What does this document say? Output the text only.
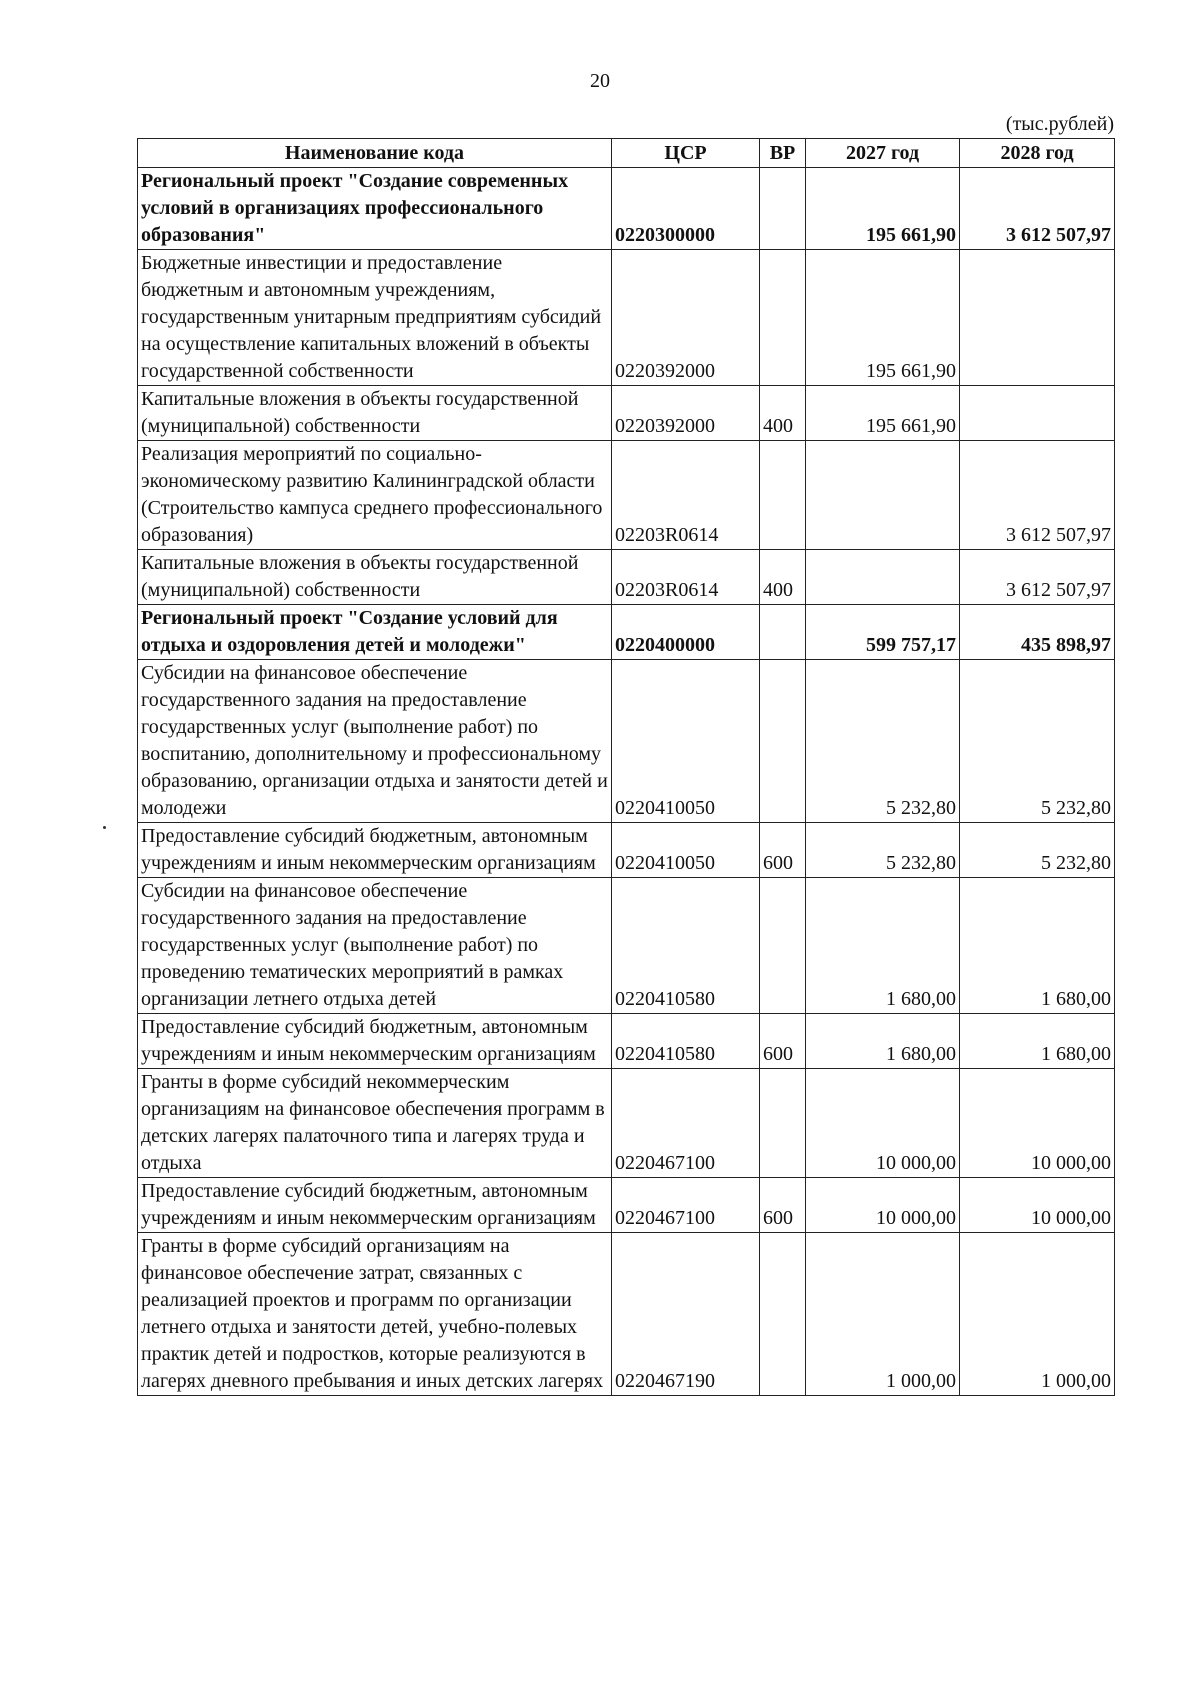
20
(тыс.рублей)
Наименование кода	ЦСР	ВР	2027 год	2028 год
Региональный проект "Создание современных условий в организациях профессионального образования"	0220300000		195 661,90	3 612 507,97
Бюджетные инвестиции и предоставление бюджетным и автономным учреждениям, государственным унитарным предприятиям субсидий на осуществление капитальных вложений в объекты государственной собственности	0220392000		195 661,90	
Капитальные вложения в объекты государственной (муниципальной) собственности	0220392000	400	195 661,90	
Реализация мероприятий по социально-экономическому развитию Калининградской области (Строительство кампуса среднего профессионального образования)	02203R0614			3 612 507,97
Капитальные вложения в объекты государственной (муниципальной) собственности	02203R0614	400		3 612 507,97
Региональный проект "Создание условий для отдыха и оздоровления детей и молодежи"	0220400000		599 757,17	435 898,97
Субсидии на финансовое обеспечение государственного задания на предоставление государственных услуг (выполнение работ) по воспитанию, дополнительному и профессиональному образованию, организации отдыха и занятости детей и молодежи	0220410050		5 232,80	5 232,80
Предоставление субсидий бюджетным, автономным учреждениям и иным некоммерческим организациям	0220410050	600	5 232,80	5 232,80
Субсидии на финансовое обеспечение государственного задания на предоставление государственных услуг (выполнение работ) по проведению тематических мероприятий в рамках организации летнего отдыха детей	0220410580		1 680,00	1 680,00
Предоставление субсидий бюджетным, автономным учреждениям и иным некоммерческим организациям	0220410580	600	1 680,00	1 680,00
Гранты в форме субсидий некоммерческим организациям на финансовое обеспечения программ в детских лагерях палаточного типа и лагерях труда и отдыха	0220467100		10 000,00	10 000,00
Предоставление субсидий бюджетным, автономным учреждениям и иным некоммерческим организациям	0220467100	600	10 000,00	10 000,00
Гранты в форме субсидий организациям на финансовое обеспечение затрат, связанных с реализацией проектов и программ по организации летнего отдыха и занятости детей, учебно-полевых практик детей и подростков, которые реализуются в лагерях дневного пребывания и иных детских лагерях	0220467190		1 000,00	1 000,00
